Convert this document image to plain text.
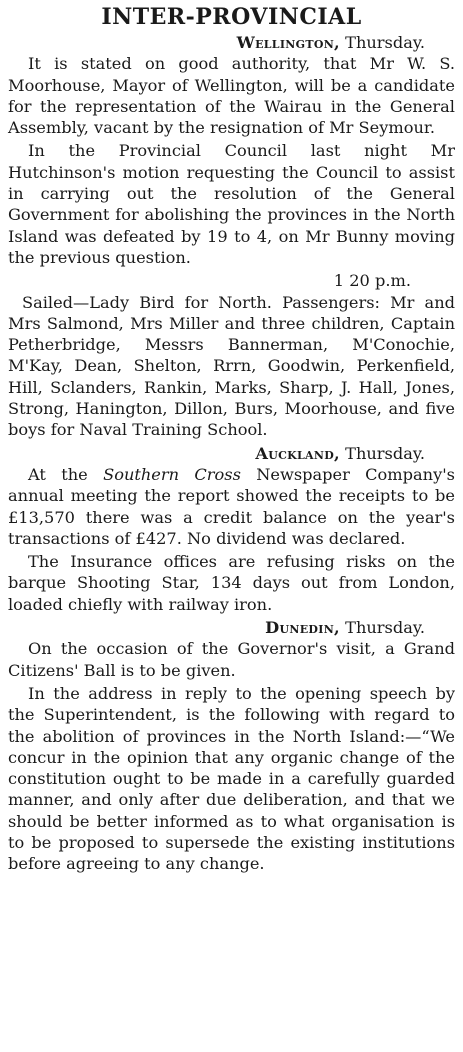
INTER-PROVINCIAL
Wellington, Thursday.

It is stated on good authority, that Mr W. S. Moorhouse, Mayor of Wellington, will be a candidate for the representation of the Wairau in the General Assembly, vacant by the resignation of Mr Seymour.

In the Provincial Council last night Mr Hutchinson's motion requesting the Council to assist in carrying out the resolution of the General Government for abolishing the provinces in the North Island was defeated by 19 to 4, on Mr Bunny moving the previous question.

1 20 p.m.

Sailed—Lady Bird for North. Passengers: Mr and Mrs Salmond, Mrs Miller and three children, Captain Petherbridge, Messrs Bannerman, M'Conochie, M'Kay, Dean, Shelton, Rrrn, Goodwin, Perkenfield, Hill, Sclanders, Rankin, Marks, Sharp, J. Hall, Jones, Strong, Hanington, Dillon, Burs, Moorhouse, and five boys for Naval Training School.

Auckland, Thursday.

At the Southern Cross Newspaper Company's annual meeting the report showed the receipts to be £13,570 there was a credit balance on the year's transactions of £427. No dividend was declared.

The Insurance offices are refusing risks on the barque Shooting Star, 134 days out from London, loaded chiefly with railway iron.

Dunedin, Thursday.

On the occasion of the Governor's visit, a Grand Citizens' Ball is to be given.

In the address in reply to the opening speech by the Superintendent, is the following with regard to the abolition of provinces in the North Island:—“We concur in the opinion that any organic change of the constitution ought to be made in a carefully guarded manner, and only after due deliberation, and that we should be better informed as to what organisation is to be proposed to supersede the existing institutions before agreeing to any change.
